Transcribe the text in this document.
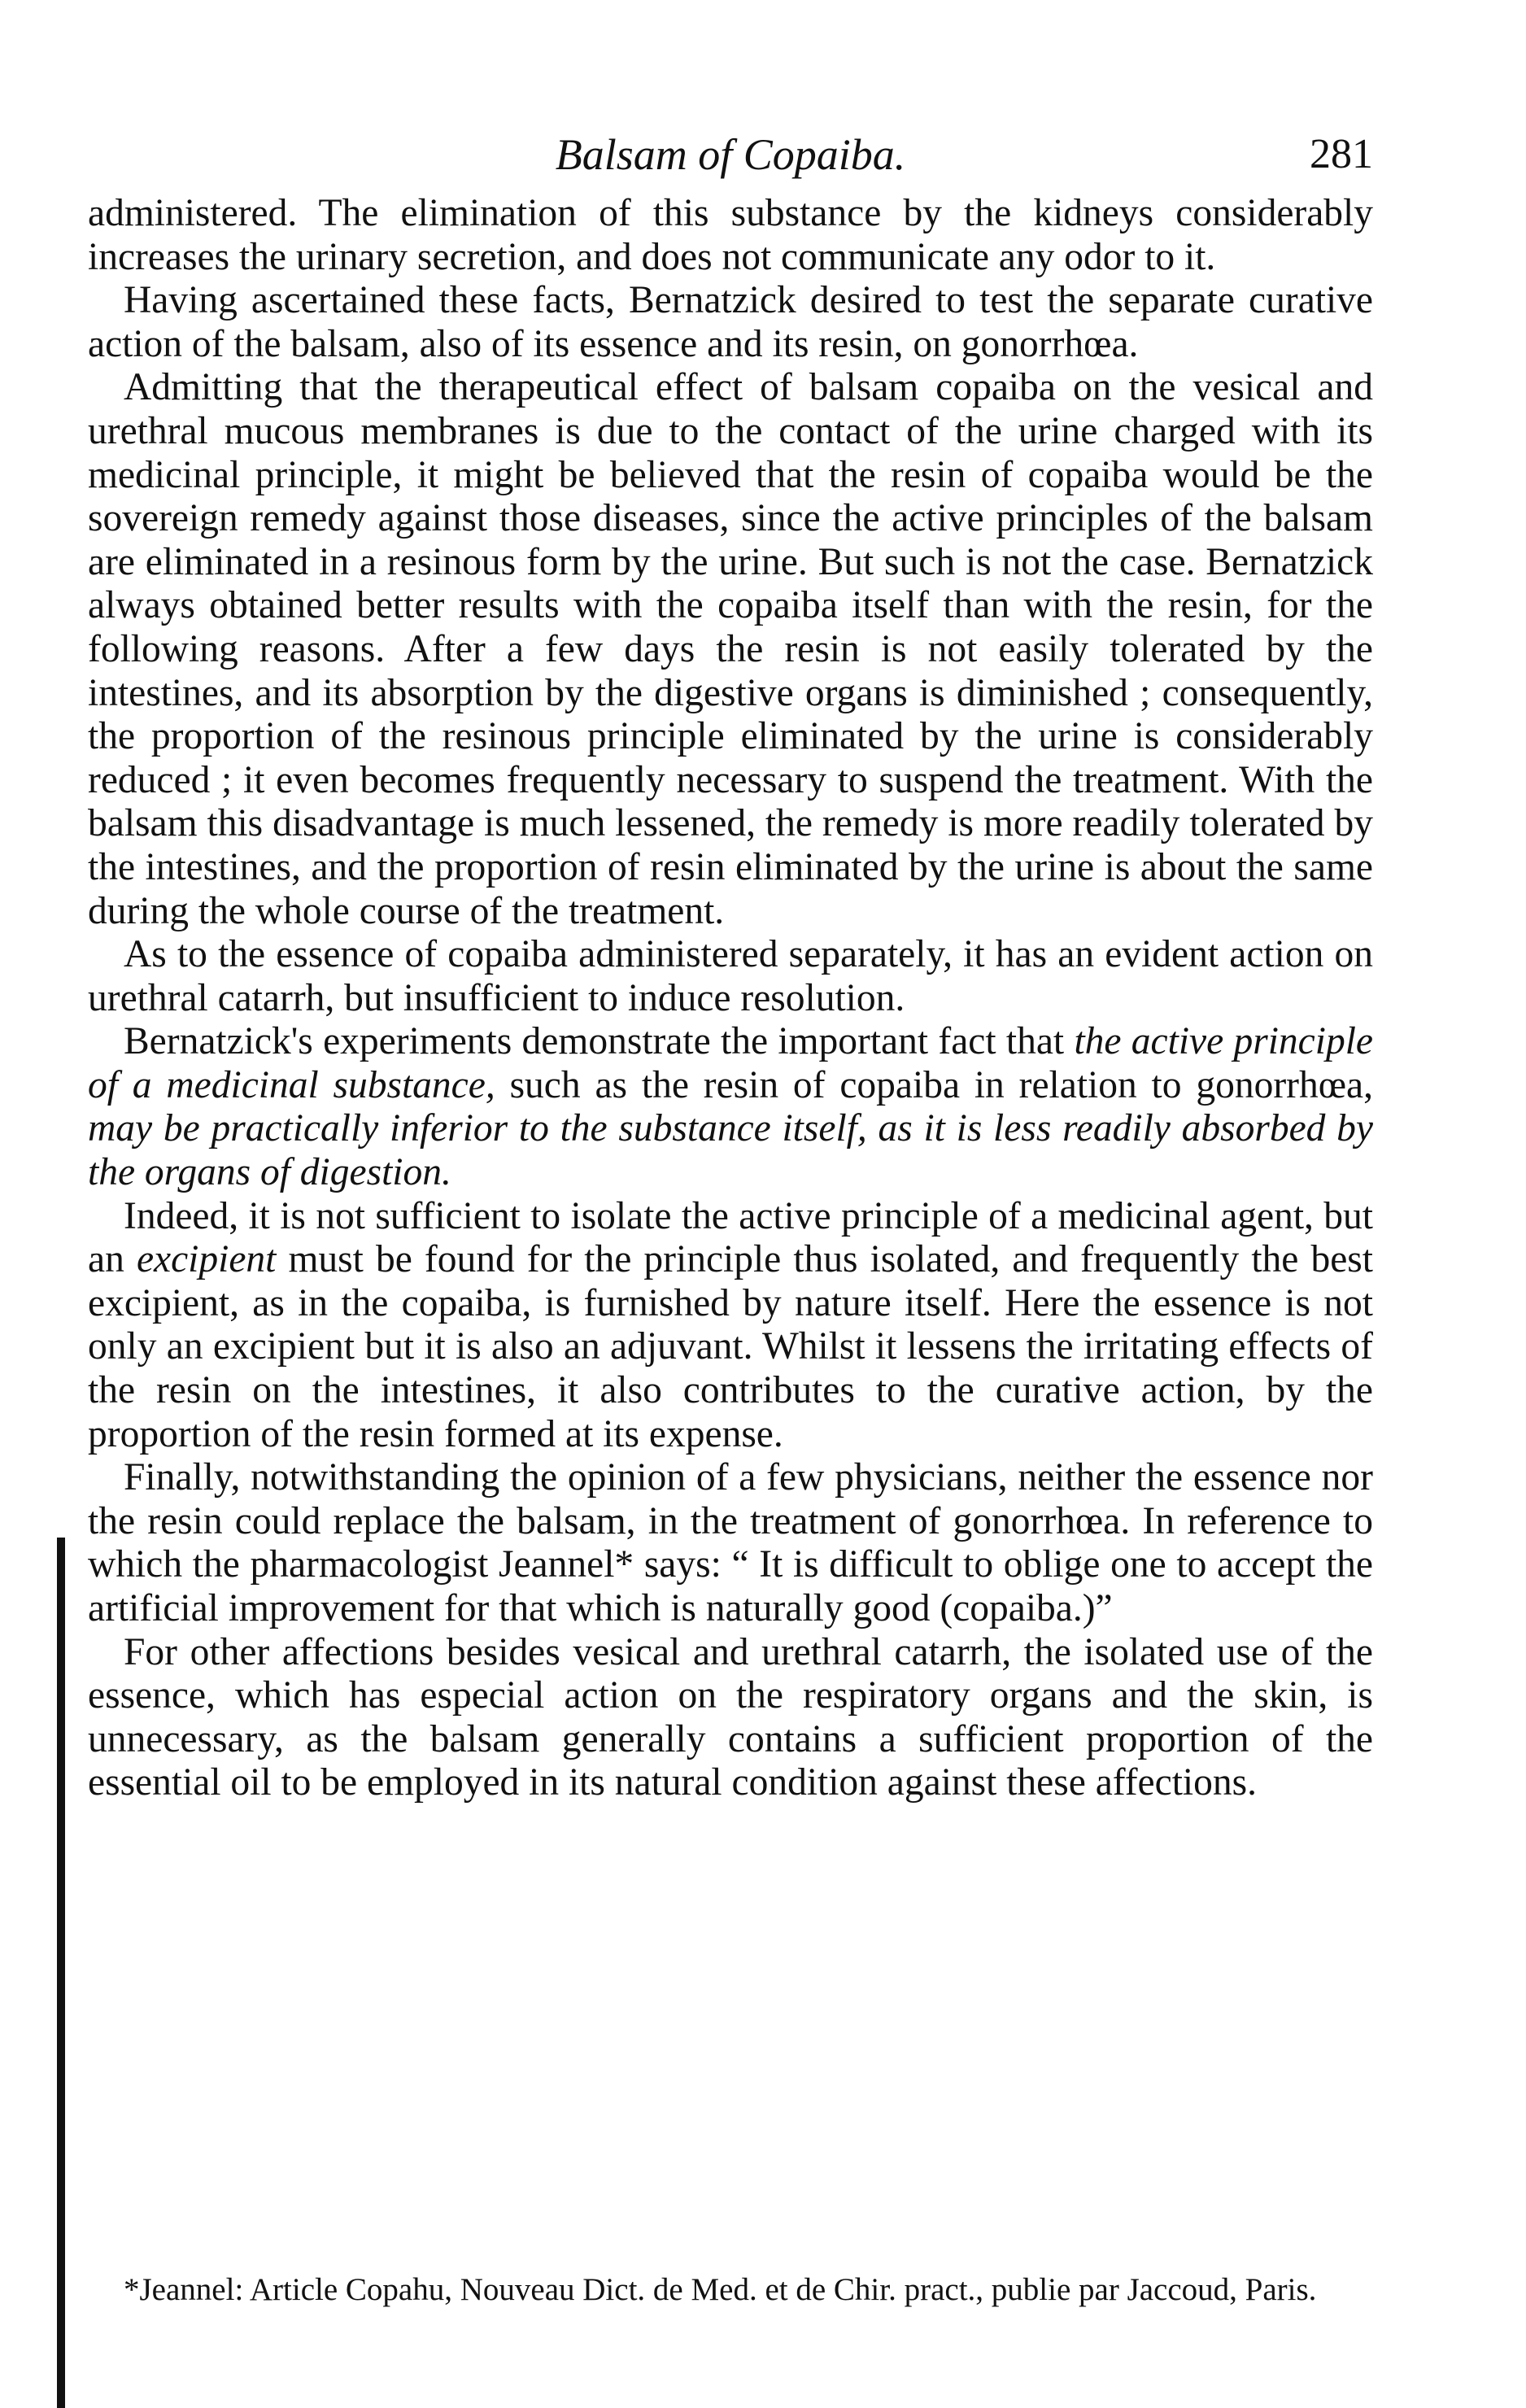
Balsam of Copaiba.	281

administered. The elimination of this substance by the kidneys considerably increases the urinary secretion, and does not communicate any odor to it.

Having ascertained these facts, Bernatzick desired to test the separate curative action of the balsam, also of its essence and its resin, on gonorrhœa.

Admitting that the therapeutical effect of balsam copaiba on the vesical and urethral mucous membranes is due to the contact of the urine charged with its medicinal principle, it might be believed that the resin of copaiba would be the sovereign remedy against those diseases, since the active principles of the balsam are eliminated in a resinous form by the urine. But such is not the case. Bernatzick always obtained better results with the copaiba itself than with the resin, for the following reasons. After a few days the resin is not easily tolerated by the intestines, and its absorption by the digestive organs is diminished ; consequently, the proportion of the resinous principle eliminated by the urine is considerably reduced ; it even becomes frequently necessary to suspend the treatment. With the balsam this disadvantage is much lessened, the remedy is more readily tolerated by the intestines, and the proportion of resin eliminated by the urine is about the same during the whole course of the treatment.

As to the essence of copaiba administered separately, it has an evident action on urethral catarrh, but insufficient to induce resolution.

Bernatzick's experiments demonstrate the important fact that the active principle of a medicinal substance, such as the resin of copaiba in relation to gonorrhœa, may be practically inferior to the substance itself, as it is less readily absorbed by the organs of digestion.

Indeed, it is not sufficient to isolate the active principle of a medicinal agent, but an excipient must be found for the principle thus isolated, and frequently the best excipient, as in the copaiba, is furnished by nature itself. Here the essence is not only an excipient but it is also an adjuvant. Whilst it lessens the irritating effects of the resin on the intestines, it also contributes to the curative action, by the proportion of the resin formed at its expense.

Finally, notwithstanding the opinion of a few physicians, neither the essence nor the resin could replace the balsam, in the treatment of gonorrhœa. In reference to which the pharmacologist Jeannel* says: “ It is difficult to oblige one to accept the artificial improvement for that which is naturally good (copaiba.)”

For other affections besides vesical and urethral catarrh, the isolated use of the essence, which has especial action on the respiratory organs and the skin, is unnecessary, as the balsam generally contains a sufficient proportion of the essential oil to be employed in its natural condition against these affections.

*Jeannel: Article Copahu, Nouveau Dict. de Med. et de Chir. pract., publie par Jaccoud, Paris.
